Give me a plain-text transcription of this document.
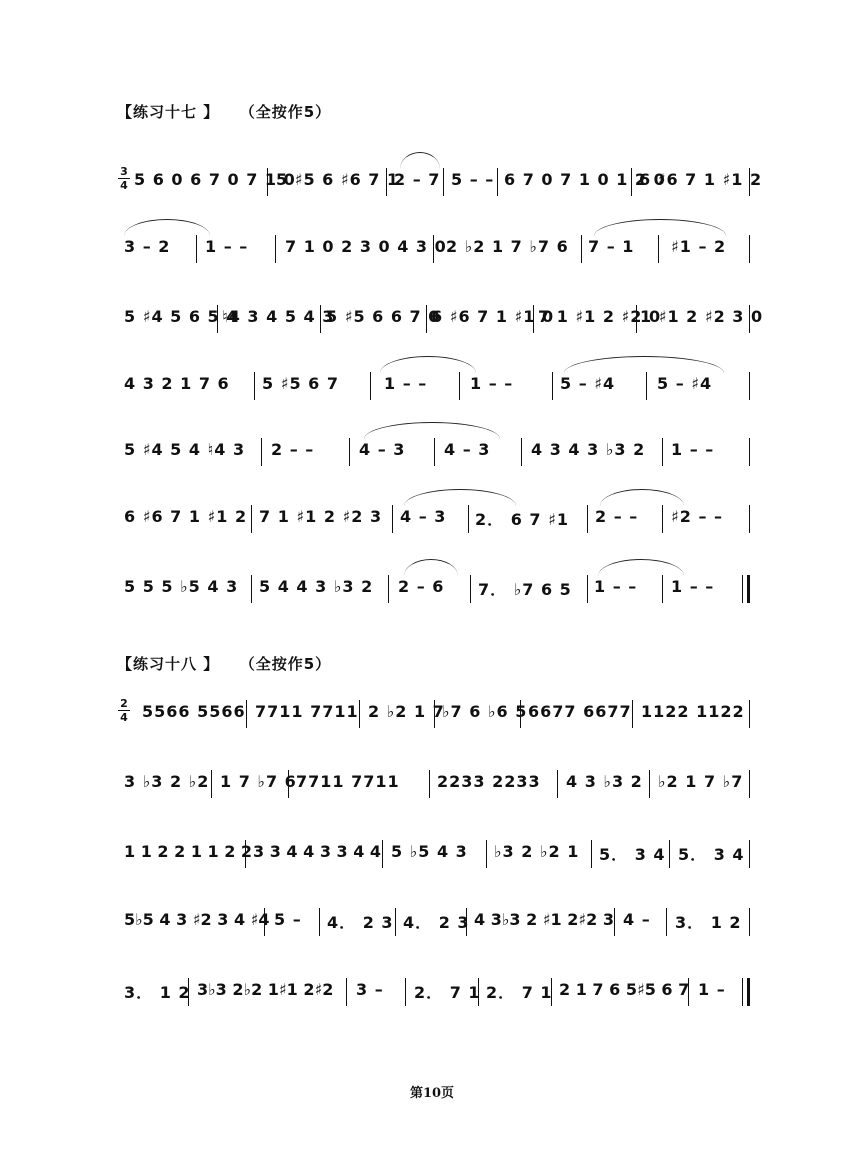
【练习十七 】 （全按作5）
3
4 5 6 0 6 7 0 7 1 0
5 ♯5 6 ♯6 7 1
2 – 7 5 – – 6 7 0 7 1 0 1 2 0
6 ♯6 7 1 ♯1 2
3 – 2 1 – – 7 1 0 2 3 0 4 3 0 2 ♭2 1 7 ♭7 6 7 – 1 ♯1 – 2
5 ♯4 5 6 5 4
♮4 3 4 5 4 3
5 ♯5 6 6 7 0
6 ♯6 7 1 ♯1 0
7 1 ♯1 2 ♯2 0
1 ♯1 2 ♯2 3 0
4 3 2 1 7 6 5 ♯5 6 7	1 – –	1 – –	5 – ♯4	5 – ♯4
5 ♯4 5 4 ♮4 3 2 – –	4 – 3 4 – 3	4 3 4 3 ♭3 2 1 – –
6 ♯6 7 1 ♯1 2 7 1 ♯1 2 ♯2 3 4 – 3 2． 6 7 ♯1 2 – – ♯2 – –
5 5 5 ♭5 4 3 5 4 4 3 ♭3 2 2 – 6 7． ♭7 6 5 1 – – 1 – –
【练习十八 】 （全按作5）
2
4 5566 5566 7711 7711 2 ♭2 1 7
♭7 6 ♭6 5 6677 6677 1122 1122
3 ♭3 2 ♭2 1 7 ♭7 6 7711 7711 2233 2233 4 3 ♭3 2 ♭2 1 7 ♭7
1 1 2 2 1 1 2 2 3 3 4 4 3 3 4 4 5 ♭5 4 3 ♭3 2 ♭2 1 5． 3 4 5． 3 4
5♭5 4 3 ♯2 3 4 ♯4 5 – 4． 2 3 4． 2 3 4 3♭3 2 ♯1 2♯2 3 4 – 3． 1 2
3． 1 2 3♭3 2♭2 1♯1 2♯2 3 – 2． 7 1 2． 7 1 2 1 7 6 5♯5 6 7 1 –
第10页
